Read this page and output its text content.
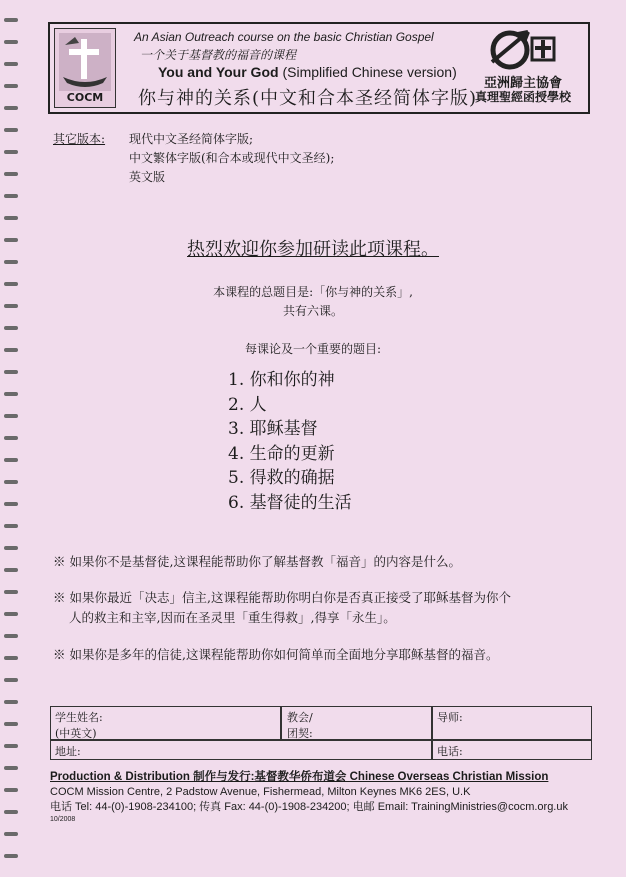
COCM
An Asian Outreach course on the basic Christian Gospel
一个关于基督教的福音的课程
You and Your God (Simplified Chinese version)
你与神的关系(中文和合本圣经简体字版)
亞洲歸主協會
真理聖經函授學校
其它版本: 现代中文圣经简体字版;
中文繁体字版(和合本或现代中文圣经);
英文版
热烈欢迎你参加研读此项课程。
本课程的总题目是:「你与神的关系」,
共有六课。
每课论及一个重要的题目:
1. 你和你的神
2. 人
3. 耶稣基督
4. 生命的更新
5. 得救的确据
6. 基督徒的生活
※ 如果你不是基督徒,这课程能帮助你了解基督教「福音」的内容是什么。
※ 如果你最近「决志」信主,这课程能帮助你明白你是否真正接受了耶稣基督为你个
人的救主和主宰,因而在圣灵里「重生得救」,得享「永生」。
※ 如果你是多年的信徒,这课程能帮助你如何简单而全面地分享耶稣基督的福音。
学生姓名:
(中英文)
教会/
团契:
导师:
地址:	电话:
Production & Distribution 制作与发行:基督教华侨布道会 Chinese Overseas Christian Mission
COCM Mission Centre, 2 Padstow Avenue, Fishermead, Milton Keynes MK6 2ES, U.K
电话 Tel: 44-(0)-1908-234100; 传真 Fax: 44-(0)-1908-234200; 电邮 Email: TrainingMinistries@cocm.org.uk
10/2008
